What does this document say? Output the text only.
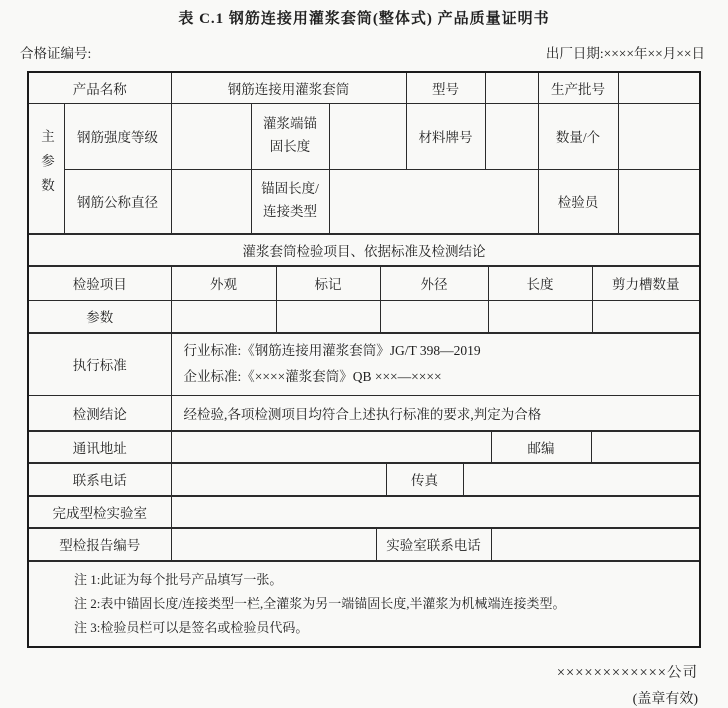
表 C.1 钢筋连接用灌浆套筒(整体式) 产品质量证明书
合格证编号:	出厂日期:××××年××月××日
产品名称		钢筋连接用灌浆套筒			型号		生产批号	
主参数	钢筋强度等级		灌浆端锚固长度		材料牌号		数量/个	
	钢筋公称直径		锚固长度/连接类型				检验员	
灌浆套筒检验项目、依据标准及检测结论
检验项目	外观	标记	外径	长度	剪力槽数量
参数					
执行标准	行业标准:《钢筋连接用灌浆套筒》JG/T 398—2019
企业标准:《××××灌浆套筒》QB ×××—××××

检测结论	经检验,各项检测项目均符合上述执行标准的要求,判定为合格
通讯地址		邮编	
联系电话		传真	
完成型检实验室	
型检报告编号		实验室联系电话	
注 1:此证为每个批号产品填写一张。
注 2:表中锚固长度/连接类型一栏,全灌浆为另一端锚固长度,半灌浆为机械端连接类型。
注 3:检验员栏可以是签名或检验员代码。
××××××××××××公司
(盖章有效)
